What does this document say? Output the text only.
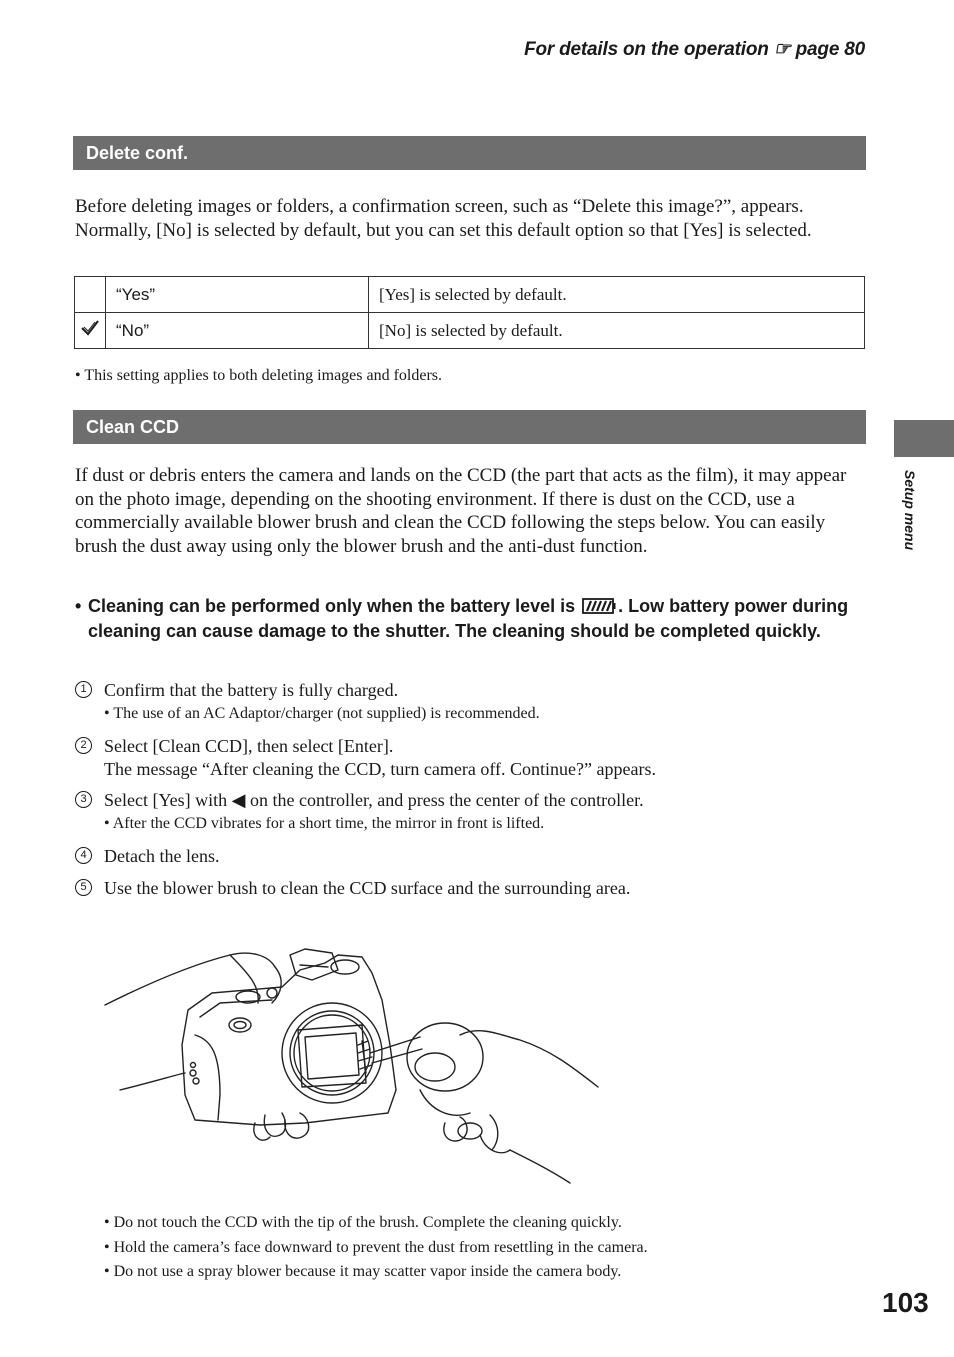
For details on the operation ☞ page 80
Delete conf.
Before deleting images or folders, a confirmation screen, such as “Delete this image?”, appears. Normally, [No] is selected by default, but you can set this default option so that [Yes] is selected.
	“Yes”	[Yes] is selected by default.
	“No”	[No] is selected by default.
• This setting applies to both deleting images and folders.
Clean CCD
If dust or debris enters the camera and lands on the CCD (the part that acts as the film), it may appear on the photo image, depending on the shooting environment. If there is dust on the CCD, use a commercially available blower brush and clean the CCD following the steps below. You can easily brush the dust away using only the blower brush and the anti-dust function.
• Cleaning can be performed only when the battery level is . Low battery power during cleaning can cause damage to the shutter. The cleaning should be completed quickly.
1 Confirm that the battery is fully charged.
• The use of an AC Adaptor/charger (not supplied) is recommended.
2 Select [Clean CCD], then select [Enter].
The message “After cleaning the CCD, turn camera off. Continue?” appears.
3 Select [Yes] with ◀ on the controller, and press the center of the controller.
• After the CCD vibrates for a short time, the mirror in front is lifted.
4 Detach the lens.
5 Use the blower brush to clean the CCD surface and the surrounding area.
• Do not touch the CCD with the tip of the brush. Complete the cleaning quickly.
• Hold the camera’s face downward to prevent the dust from resettling in the camera.
• Do not use a spray blower because it may scatter vapor inside the camera body.
Setup menu
103
